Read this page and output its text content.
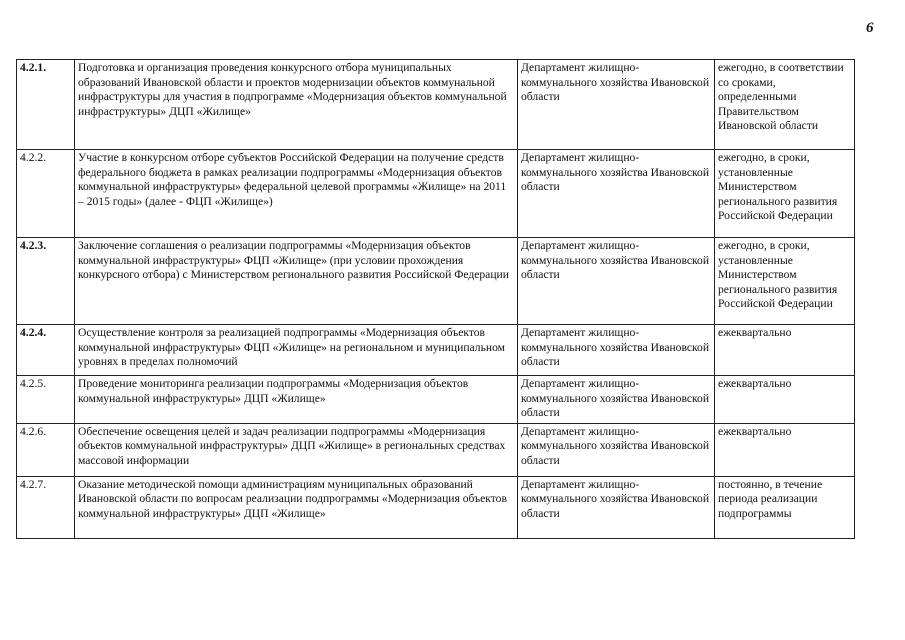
6
4.2.1.	Подготовка и организация проведения конкурсного отбора муниципальных образований Ивановской области и проектов модернизации объектов коммунальной инфраструктуры для участия в подпрограмме «Модернизация объектов коммунальной инфраструктуры» ДЦП «Жилище»	Департамент жилищно-коммунального хозяйства Ивановской области	ежегодно, в соответствии со сроками, определенными Правительством Ивановской области
4.2.2.	Участие в конкурсном отборе субъектов Российской Федерации на получение средств федерального бюджета в рамках реализации подпрограммы «Модернизация объектов коммунальной инфраструктуры» федеральной целевой программы «Жилище» на 2011 – 2015 годы» (далее - ФЦП «Жилище»)	Департамент жилищно-коммунального хозяйства Ивановской области	ежегодно, в сроки, установленные Министерством регионального развития Российской Федерации
4.2.3.	Заключение соглашения о реализации подпрограммы «Модернизация объектов коммунальной инфраструктуры» ФЦП «Жилище» (при условии прохождения конкурсного отбора) с Министерством регионального развития Российской Федерации	Департамент жилищно-коммунального хозяйства Ивановской области	ежегодно, в сроки, установленные Министерством регионального развития Российской Федерации
4.2.4.	Осуществление контроля за реализацией подпрограммы «Модернизация объектов коммунальной инфраструктуры» ФЦП «Жилище» на региональном и муниципальном уровнях в пределах полномочий	Департамент жилищно-коммунального хозяйства Ивановской области	ежеквартально
4.2.5.	Проведение мониторинга реализации подпрограммы «Модернизация объектов коммунальной инфраструктуры» ДЦП «Жилище»	Департамент жилищно-коммунального хозяйства Ивановской области	ежеквартально
4.2.6.	Обеспечение освещения целей и задач реализации подпрограммы «Модернизация объектов коммунальной инфраструктуры» ДЦП «Жилище» в региональных средствах массовой информации	Департамент жилищно-коммунального хозяйства Ивановской области	ежеквартально
4.2.7.	Оказание методической помощи администрациям муниципальных образований Ивановской области по вопросам реализации подпрограммы «Модернизация объектов коммунальной инфраструктуры» ДЦП «Жилище»	Департамент жилищно-коммунального хозяйства Ивановской области	постоянно, в течение периода реализации подпрограммы
